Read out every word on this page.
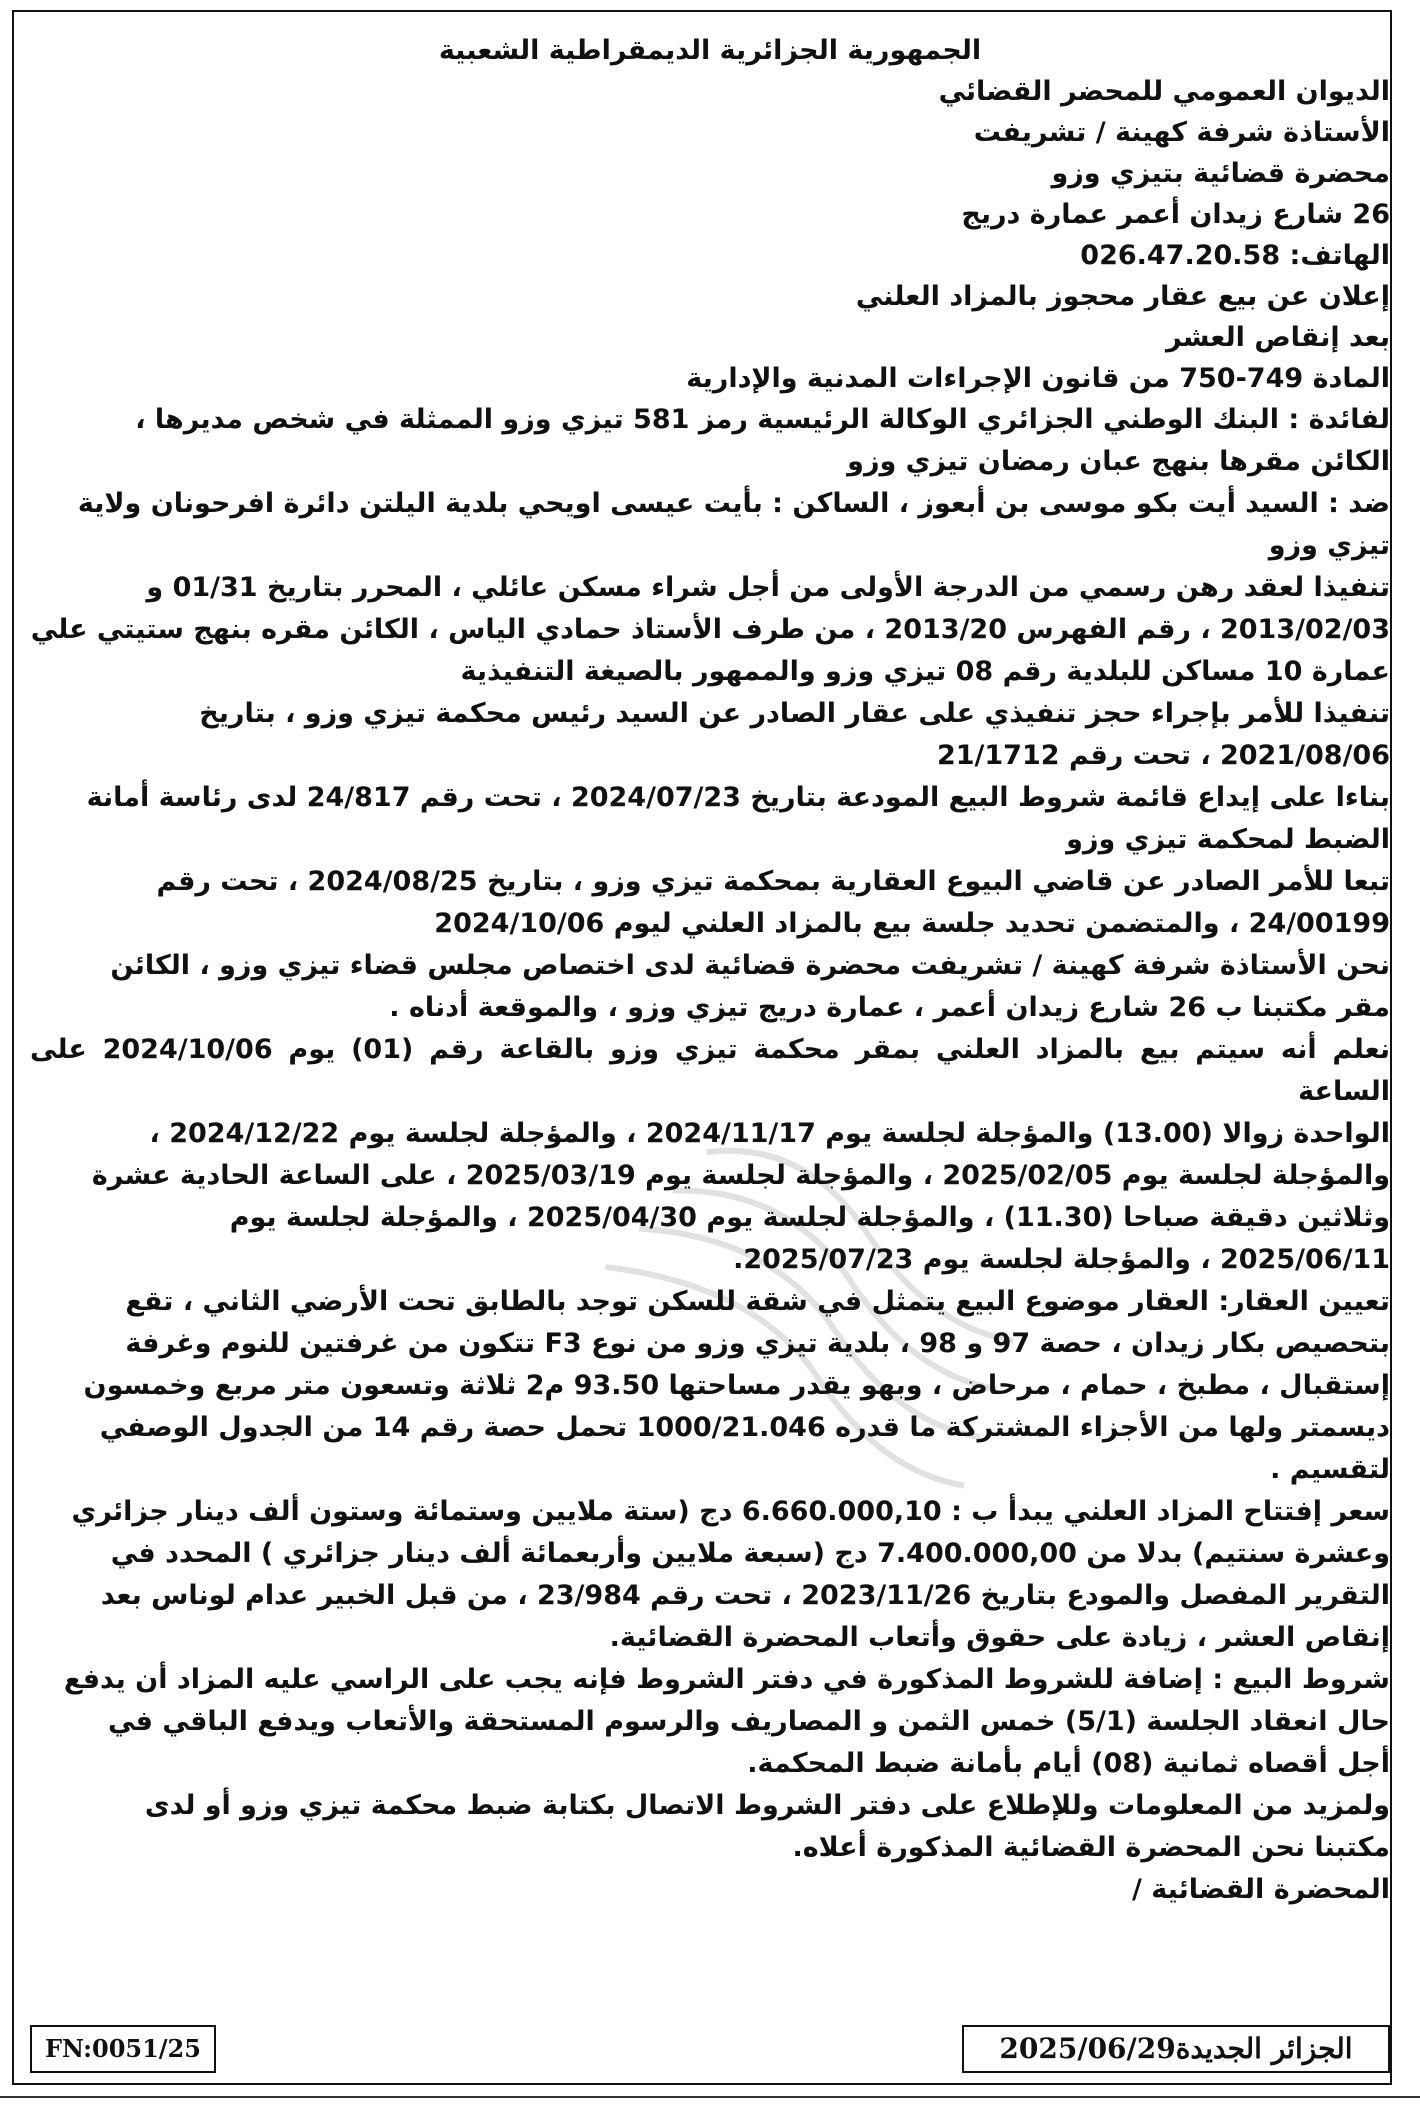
الجمهورية الجزائرية الديمقراطية الشعبية
الديوان العمومي للمحضر القضائي
الأستاذة شرفة كهينة / تشريفت
محضرة قضائية بتيزي وزو
26 شارع زيدان أعمر عمارة دريج
الهاتف: 026.47.20.58
إعلان عن بيع عقار محجوز بالمزاد العلني
بعد إنقاص العشر
المادة 749-750 من قانون الإجراءات المدنية والإدارية
لفائدة : البنك الوطني الجزائري الوكالة الرئيسية رمز 581 تيزي وزو الممثلة في شخص مديرها ،
الكائن مقرها بنهج عبان رمضان تيزي وزو
ضد : السيد أيت بكو موسى بن أبعوز ، الساكن : بأيت عيسى اويحي بلدية اليلتن دائرة افرحونان ولاية
تيزي وزو
تنفيذا لعقد رهن رسمي من الدرجة الأولى من أجل شراء مسكن عائلي ، المحرر بتاريخ 01/31 و
2013/02/03 ، رقم الفهرس 2013/20 ، من طرف الأستاذ حمادي الياس ، الكائن مقره بنهج ستيتي علي
عمارة 10 مساكن للبلدية رقم 08 تيزي وزو والممهور بالصيغة التنفيذية
تنفيذا للأمر بإجراء حجز تنفيذي على عقار الصادر عن السيد رئيس محكمة تيزي وزو ، بتاريخ
2021/08/06 ، تحت رقم 21/1712
بناءا على إيداع قائمة شروط البيع المودعة بتاريخ 2024/07/23 ، تحت رقم 24/817 لدى رئاسة أمانة
الضبط لمحكمة تيزي وزو
تبعا للأمر الصادر عن قاضي البيوع العقارية بمحكمة تيزي وزو ، بتاريخ 2024/08/25 ، تحت رقم
24/00199 ، والمتضمن تحديد جلسة بيع بالمزاد العلني ليوم 2024/10/06
نحن الأستاذة شرفة كهينة / تشريفت محضرة قضائية لدى اختصاص مجلس قضاء تيزي وزو ، الكائن
مقر مكتبنا ب 26 شارع زيدان أعمر ، عمارة دريج تيزي وزو ، والموقعة أدناه .
نعلم أنه سيتم بيع بالمزاد العلني بمقر محكمة تيزي وزو بالقاعة رقم (01) يوم 2024/10/06 على الساعة
الواحدة زوالا (13.00) والمؤجلة لجلسة يوم 2024/11/17 ، والمؤجلة لجلسة يوم 2024/12/22 ،
والمؤجلة لجلسة يوم 2025/02/05 ، والمؤجلة لجلسة يوم 2025/03/19 ، على الساعة الحادية عشرة
وثلاثين دقيقة صباحا (11.30) ، والمؤجلة لجلسة يوم 2025/04/30 ، والمؤجلة لجلسة يوم
2025/06/11 ، والمؤجلة لجلسة يوم 2025/07/23.
تعيين العقار: العقار موضوع البيع يتمثل في شقة للسكن توجد بالطابق تحت الأرضي الثاني ، تقع
بتحصيص بكار زيدان ، حصة 97 و 98 ، بلدية تيزي وزو من نوع F3 تتكون من غرفتين للنوم وغرفة
إستقبال ، مطبخ ، حمام ، مرحاض ، وبهو يقدر مساحتها 93.50 م2 ثلاثة وتسعون متر مربع وخمسون
ديسمتر ولها من الأجزاء المشتركة ما قدره 1000/21.046 تحمل حصة رقم 14 من الجدول الوصفي
لتقسيم .
سعر إفتتاح المزاد العلني يبدأ ب : 6.660.000,10 دج (ستة ملايين وستمائة وستون ألف دينار جزائري
وعشرة سنتيم) بدلا من 7.400.000,00 دج (سبعة ملايين وأربعمائة ألف دينار جزائري ) المحدد في
التقرير المفصل والمودع بتاريخ 2023/11/26 ، تحت رقم 23/984 ، من قبل الخبير عدام لوناس بعد
إنقاص العشر ، زيادة على حقوق وأتعاب المحضرة القضائية.
شروط البيع : إضافة للشروط المذكورة في دفتر الشروط فإنه يجب على الراسي عليه المزاد أن يدفع
حال انعقاد الجلسة (5/1) خمس الثمن و المصاريف والرسوم المستحقة والأتعاب ويدفع الباقي في
أجل أقصاه ثمانية (08) أيام بأمانة ضبط المحكمة.
ولمزيد من المعلومات وللإطلاع على دفتر الشروط الاتصال بكتابة ضبط محكمة تيزي وزو أو لدى
مكتبنا نحن المحضرة القضائية المذكورة أعلاه.
المحضرة القضائية /
FN:0051/25	الجزائر الجديدة2025/06/29
